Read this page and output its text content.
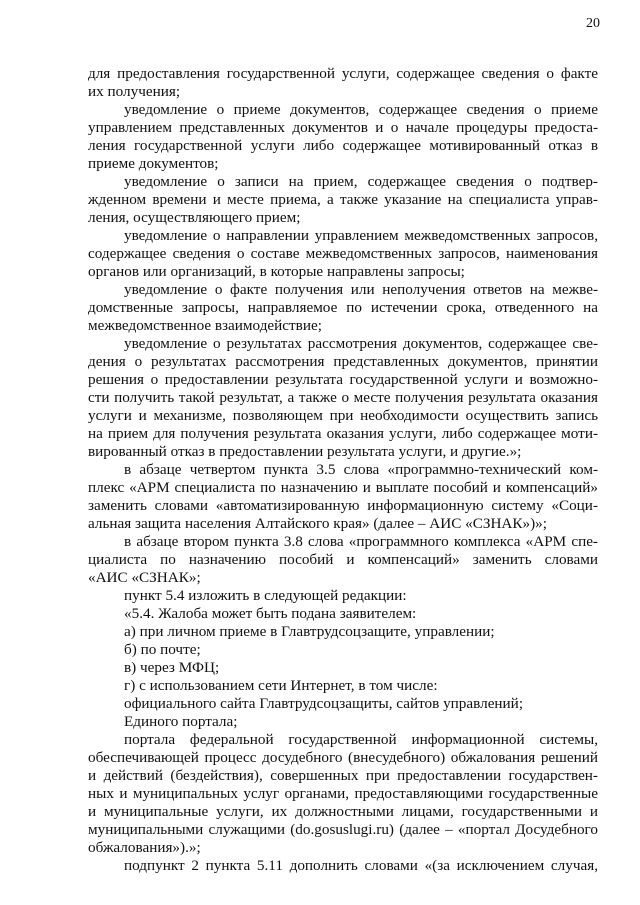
20

для предоставления государственной услуги, содержащее сведения о факте

их получения;

уведомление о приеме документов, содержащее сведения о приеме

управлением представленных документов и о начале процедуры предоста-

ления государственной услуги либо содержащее мотивированный отказ в

приеме документов;

уведомление о записи на прием, содержащее сведения о подтвер-

жденном времени и месте приема, а также указание на специалиста управ-

ления, осуществляющего прием;

уведомление о направлении управлением межведомственных запросов,

содержащее сведения о составе межведомственных запросов, наименования

органов или организаций, в которые направлены запросы;

уведомление о факте получения или неполучения ответов на межве-

домственные запросы, направляемое по истечении срока, отведенного на

межведомственное взаимодействие;

уведомление о результатах рассмотрения документов, содержащее све-

дения о результатах рассмотрения представленных документов, принятии

решения о предоставлении результата государственной услуги и возможно-

сти получить такой результат, а также о месте получения результата оказания

услуги и механизме, позволяющем при необходимости осуществить запись

на прием для получения результата оказания услуги, либо содержащее моти-

вированный отказ в предоставлении результата услуги, и другие.»;

в абзаце четвертом пункта 3.5 слова «программно-технический ком-

плекс «АРМ специалиста по назначению и выплате пособий и компенсаций»

заменить словами «автоматизированную информационную систему «Соци-

альная защита населения Алтайского края» (далее – АИС «СЗНАК»)»;

в абзаце втором пункта 3.8 слова «программного комплекса «АРМ спе-

циалиста по назначению пособий и компенсаций» заменить словами

«АИС «СЗНАК»;

пункт 5.4 изложить в следующей редакции:

«5.4. Жалоба может быть подана заявителем:

а) при личном приеме в Главтрудсоцзащите, управлении;

б) по почте;

в) через МФЦ;

г) с использованием сети Интернет, в том числе:

официального сайта Главтрудсоцзащиты, сайтов управлений;

Единого портала;

портала федеральной государственной информационной системы,

обеспечивающей процесс досудебного (внесудебного) обжалования решений

и действий (бездействия), совершенных при предоставлении государствен-

ных и муниципальных услуг органами, предоставляющими государственные

и муниципальные услуги, их должностными лицами, государственными и

муниципальными служащими (do.gosuslugi.ru) (далее – «портал Досудебного

обжалования»).»;

подпункт 2 пункта 5.11 дополнить словами «(за исключением случая,
